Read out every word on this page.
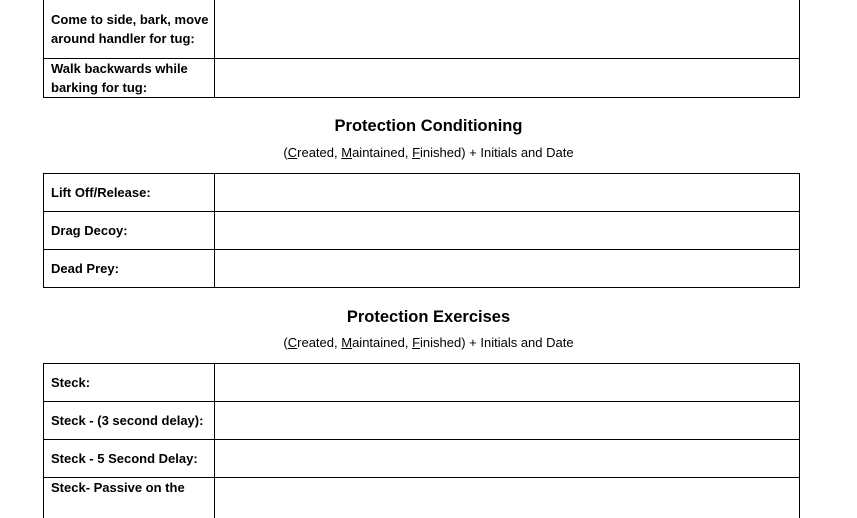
Come to side, bark, move around handler for tug:	
Walk backwards while barking for tug:	
Protection Conditioning
(Created, Maintained, Finished) + Initials and Date
Lift Off/Release:	
Drag Decoy:	
Dead Prey:	
Protection Exercises
(Created, Maintained, Finished) + Initials and Date
Steck:	
Steck - (3 second delay):	
Steck - 5 Second Delay:	
Steck- Passive on the	
